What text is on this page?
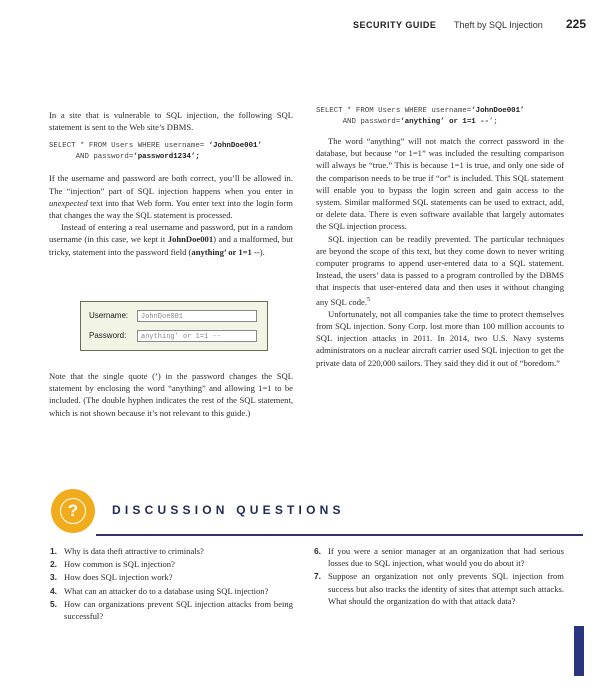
SECURITY GUIDE Theft by SQL Injection 225

In a site that is vulnerable to SQL injection, the following SQL statement is sent to the Web site’s DBMS.

SELECT * FROM Users WHERE username= ‘JohnDoe001’
AND password=‘password1234’;

If the username and password are both correct, you’ll be allowed in. The “injection” part of SQL injection happens when you enter in unexpected text into that Web form. You enter text into the login form that changes the way the SQL statement is processed.

Instead of entering a real username and password, put in a random username (in this case, we kept it JohnDoe001) and a malformed, but tricky, statement into the password field (anything’ or 1=1 --).

Username:	JohnDoe001
Password:	anything’ or 1=1 --

Note that the single quote (’) in the password changes the SQL statement by enclosing the word “anything” and allowing 1=1 to be included. (The double hyphen indicates the rest of the SQL statement, which is not shown because it’s not relevant to this guide.)

SELECT * FROM Users WHERE username=‘JohnDoe001’
AND password=‘anything’ or 1=1 --’;

The word “anything” will not match the correct password in the database, but because “or 1=1” was included the resulting comparison will always be “true.” This is because 1=1 is true, and only one side of the comparison needs to be true if “or” is included. This SQL statement will enable you to bypass the login screen and gain access to the system. Similar malformed SQL statements can be used to extract, add, or delete data. There is even software available that largely automates the SQL injection process.

SQL injection can be readily prevented. The particular techniques are beyond the scope of this text, but they come down to never writing computer programs to append user-entered data to a SQL statement. Instead, the users’ data is passed to a program controlled by the DBMS that inspects that user-entered data and then uses it without changing any SQL code.$^5$

Unfortunately, not all companies take the time to protect themselves from SQL injection. Sony Corp. lost more than 100 million accounts to SQL injection attacks in 2011. In 2014, two U.S. Navy systems administrators on a nuclear aircraft carrier used SQL injection to get the private data of 220,000 sailors. They said they did it out of “boredom.”

?	DISCUSSION QUESTIONS
1. Why is data theft attractive to criminals?
2. How common is SQL injection?
3. How does SQL injection work?
4. What can an attacker do to a database using SQL injection?
5. How can organizations prevent SQL injection attacks from being successful?
6. If you were a senior manager at an organization that had serious losses due to SQL injection, what would you do about it?
7. Suppose an organization not only prevents SQL injection from success but also tracks the identity of sites that attempt such attacks. What should the organization do with that attack data?
